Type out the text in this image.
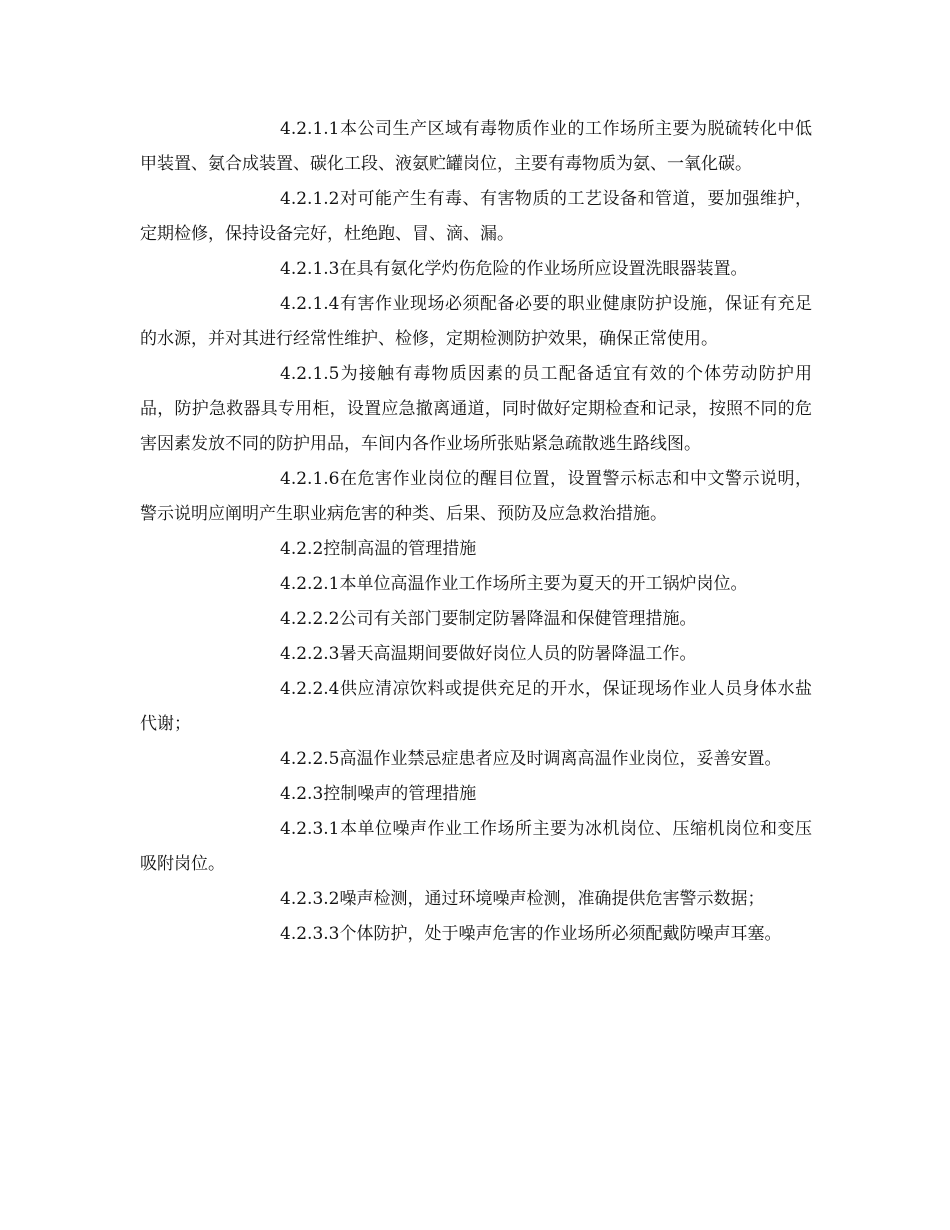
4.2.1.1本公司生产区域有毒物质作业的工作场所主要为脱硫转化中低甲装置、氨合成装置、碳化工段、液氨贮罐岗位，主要有毒物质为氨、一氧化碳。

4.2.1.2对可能产生有毒、有害物质的工艺设备和管道，要加强维护，定期检修，保持设备完好，杜绝跑、冒、滴、漏。

4.2.1.3在具有氨化学灼伤危险的作业场所应设置洗眼器装置。

4.2.1.4有害作业现场必须配备必要的职业健康防护设施，保证有充足的水源，并对其进行经常性维护、检修，定期检测防护效果，确保正常使用。

4.2.1.5为接触有毒物质因素的员工配备适宜有效的个体劳动防护用品，防护急救器具专用柜，设置应急撤离通道，同时做好定期检查和记录，按照不同的危害因素发放不同的防护用品，车间内各作业场所张贴紧急疏散逃生路线图。

4.2.1.6在危害作业岗位的醒目位置，设置警示标志和中文警示说明，警示说明应阐明产生职业病危害的种类、后果、预防及应急救治措施。

4.2.2控制高温的管理措施

4.2.2.1本单位高温作业工作场所主要为夏天的开工锅炉岗位。

4.2.2.2公司有关部门要制定防暑降温和保健管理措施。

4.2.2.3暑天高温期间要做好岗位人员的防暑降温工作。

4.2.2.4供应清凉饮料或提供充足的开水，保证现场作业人员身体水盐代谢；

4.2.2.5高温作业禁忌症患者应及时调离高温作业岗位，妥善安置。

4.2.3控制噪声的管理措施

4.2.3.1本单位噪声作业工作场所主要为冰机岗位、压缩机岗位和变压吸附岗位。

4.2.3.2噪声检测，通过环境噪声检测，准确提供危害警示数据；

4.2.3.3个体防护，处于噪声危害的作业场所必须配戴防噪声耳塞。
